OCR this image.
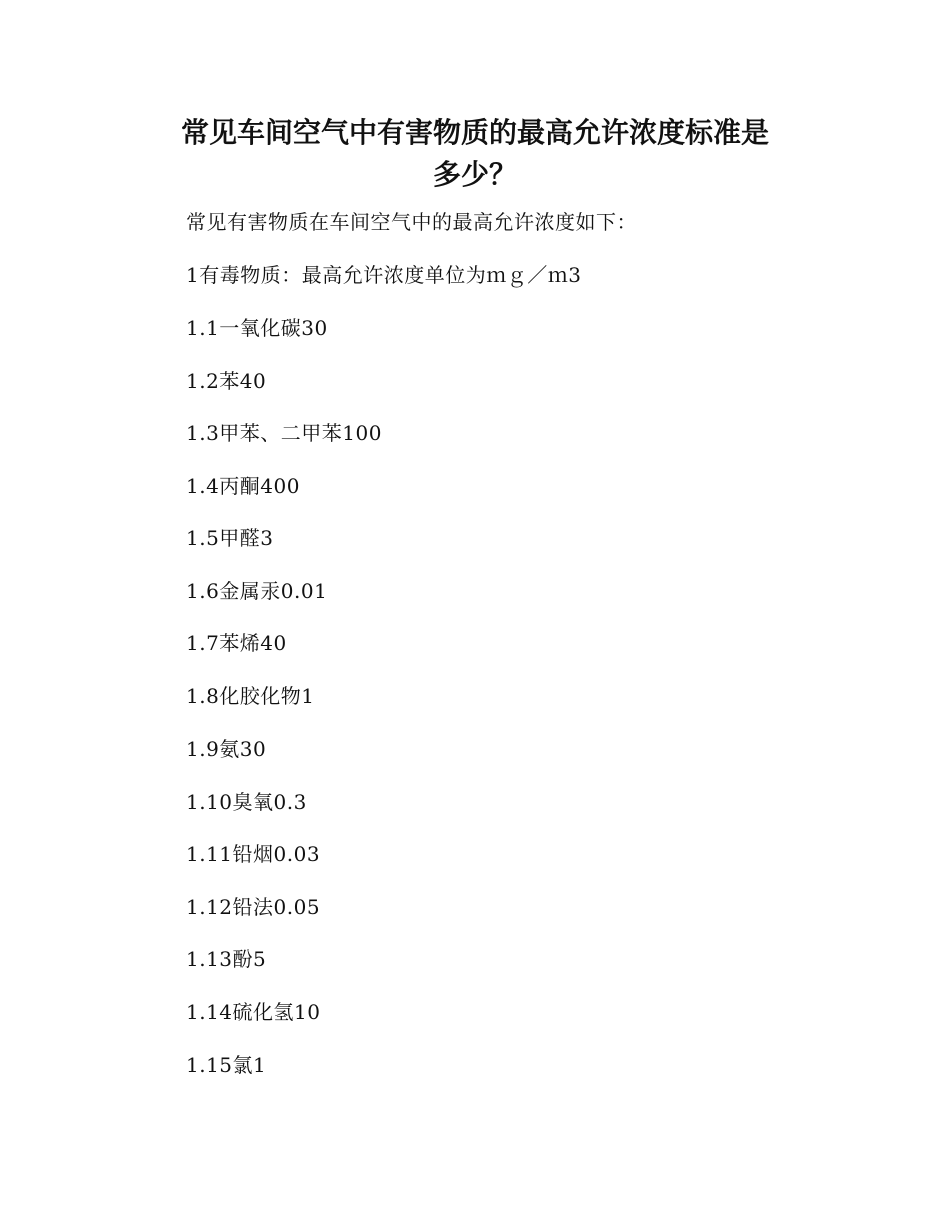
常见车间空气中有害物质的最高允许浓度标准是
多少？

常见有害物质在车间空气中的最高允许浓度如下：

1有毒物质：最高允许浓度单位为ｍｇ／ｍ3

1.1一氧化碳30

1.2苯40

1.3甲苯、二甲苯100

1.4丙酮400

1.5甲醛3

1.6金属汞0.01

1.7苯烯40

1.8化胶化物1

1.9氨30

1.10臭氧0.3

1.11铅烟0.03

1.12铅法0.05

1.13酚5

1.14硫化氢10

1.15氯1
